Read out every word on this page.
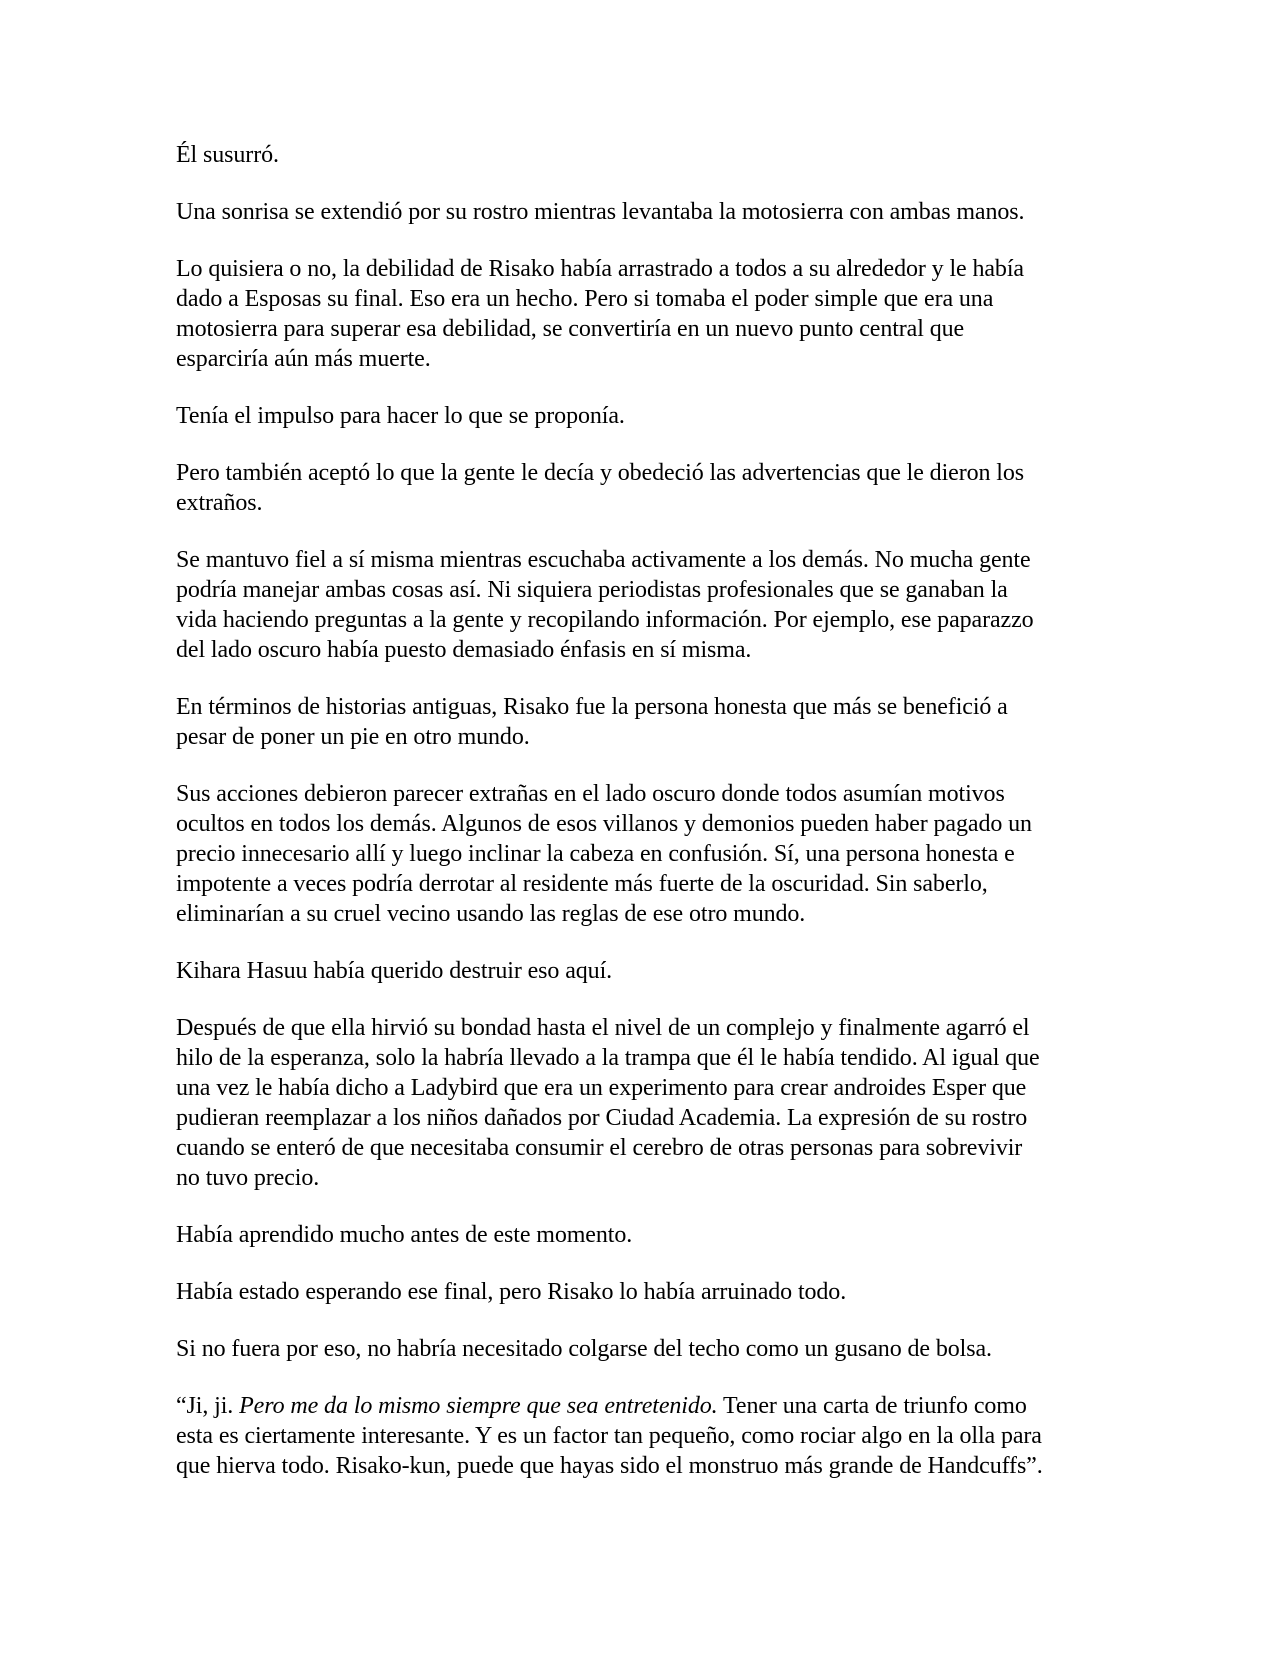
Él susurró.
Una sonrisa se extendió por su rostro mientras levantaba la motosierra con ambas manos.
Lo quisiera o no, la debilidad de Risako había arrastrado a todos a su alrededor y le había
dado a Esposas su final. Eso era un hecho. Pero si tomaba el poder simple que era una
motosierra para superar esa debilidad, se convertiría en un nuevo punto central que
esparciría aún más muerte.
Tenía el impulso para hacer lo que se proponía.
Pero también aceptó lo que la gente le decía y obedeció las advertencias que le dieron los
extraños.
Se mantuvo fiel a sí misma mientras escuchaba activamente a los demás. No mucha gente
podría manejar ambas cosas así. Ni siquiera periodistas profesionales que se ganaban la
vida haciendo preguntas a la gente y recopilando información. Por ejemplo, ese paparazzo
del lado oscuro había puesto demasiado énfasis en sí misma.
En términos de historias antiguas, Risako fue la persona honesta que más se benefició a
pesar de poner un pie en otro mundo.
Sus acciones debieron parecer extrañas en el lado oscuro donde todos asumían motivos
ocultos en todos los demás. Algunos de esos villanos y demonios pueden haber pagado un
precio innecesario allí y luego inclinar la cabeza en confusión. Sí, una persona honesta e
impotente a veces podría derrotar al residente más fuerte de la oscuridad. Sin saberlo,
eliminarían a su cruel vecino usando las reglas de ese otro mundo.
Kihara Hasuu había querido destruir eso aquí.
Después de que ella hirvió su bondad hasta el nivel de un complejo y finalmente agarró el
hilo de la esperanza, solo la habría llevado a la trampa que él le había tendido. Al igual que
una vez le había dicho a Ladybird que era un experimento para crear androides Esper que
pudieran reemplazar a los niños dañados por Ciudad Academia. La expresión de su rostro
cuando se enteró de que necesitaba consumir el cerebro de otras personas para sobrevivir
no tuvo precio.
Había aprendido mucho antes de este momento.
Había estado esperando ese final, pero Risako lo había arruinado todo.
Si no fuera por eso, no habría necesitado colgarse del techo como un gusano de bolsa.
“Ji, ji. Pero me da lo mismo siempre que sea entretenido. Tener una carta de triunfo como
esta es ciertamente interesante. Y es un factor tan pequeño, como rociar algo en la olla para
que hierva todo. Risako-kun, puede que hayas sido el monstruo más grande de Handcuffs”.
